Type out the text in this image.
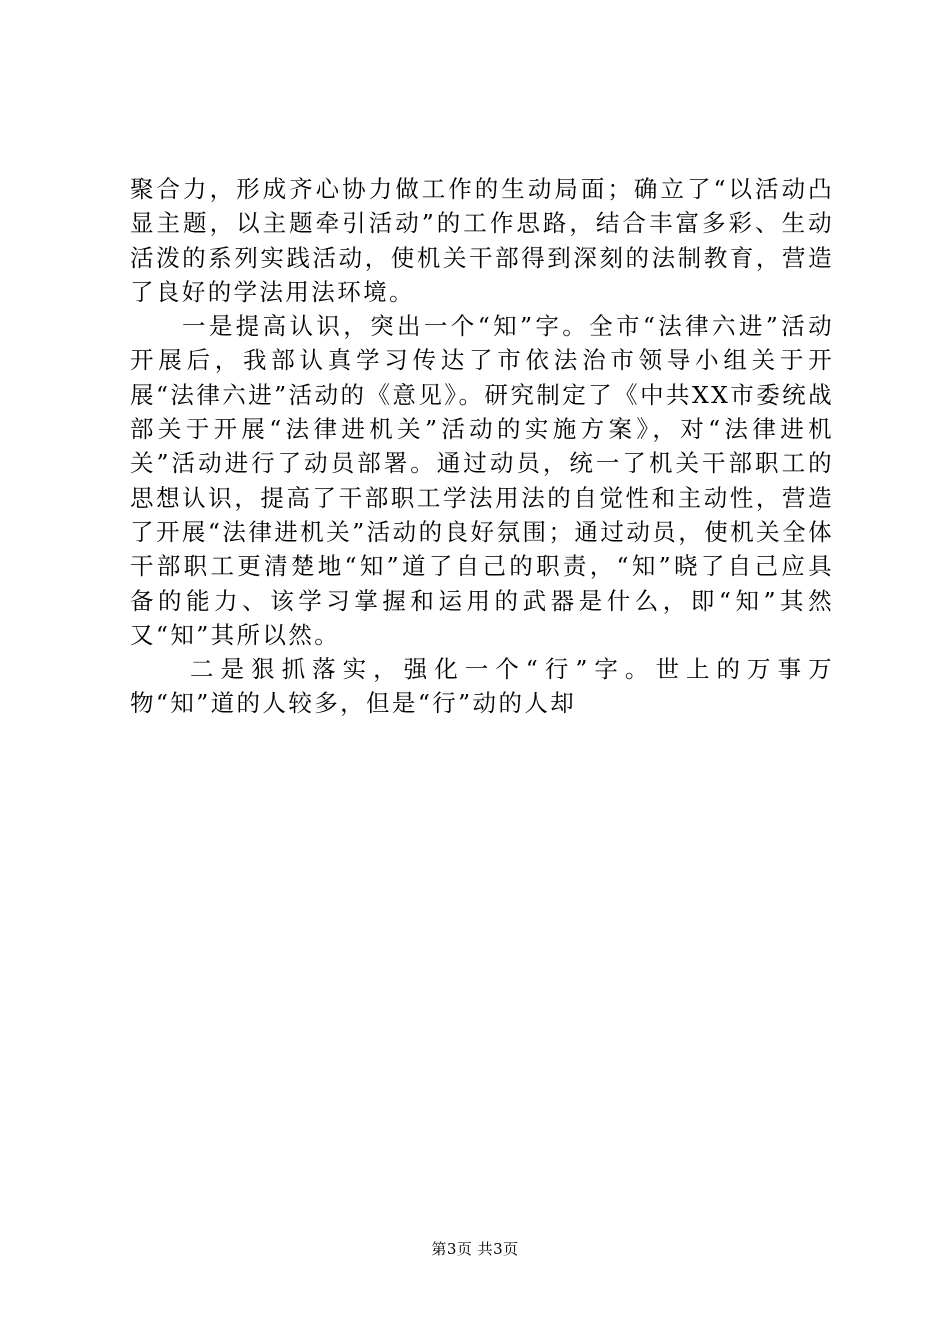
聚合力，形成齐心协力做工作的生动局面；确立了“以活动凸显主题，以主题牵引活动”的工作思路，结合丰富多彩、生动活泼的系列实践活动，使机关干部得到深刻的法制教育，营造了良好的学法用法环境。

一是提高认识，突出一个“知”字。全市“法律六进”活动开展后，我部认真学习传达了市依法治市领导小组关于开展“法律六进”活动的《意见》。研究制定了《中共XX市委统战部关于开展“法律进机关”活动的实施方案》，对“法律进机关”活动进行了动员部署。通过动员，统一了机关干部职工的思想认识，提高了干部职工学法用法的自觉性和主动性，营造了开展“法律进机关”活动的良好氛围；通过动员，使机关全体干部职工更清楚地“知”道了自己的职责，“知”晓了自己应具备的能力、该学习掌握和运用的武器是什么，即“知”其然又“知”其所以然。

二是狠抓落实，强化一个“行”字。世上的万事万物“知”道的人较多，但是“行”动的人却

第3页 共3页
